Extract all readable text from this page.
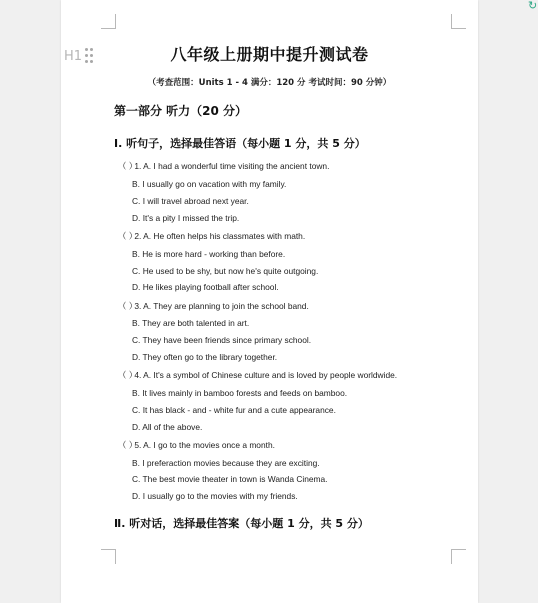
H1
↻
八年级上册期中提升测试卷
（考查范围：Units 1 - 4 满分：120 分 考试时间：90 分钟）
第一部分 听力（20 分）
Ⅰ. 听句子，选择最佳答语（每小题 1 分，共 5 分）
（ ） 1. A. I had a wonderful time visiting the ancient town.
B. I usually go on vacation with my family.
C. I will travel abroad next year.
D. It's a pity I missed the trip.
（ ） 2. A. He often helps his classmates with math.
B. He is more hard - working than before.
C. He used to be shy, but now he's quite outgoing.
D. He likes playing football after school.
（ ） 3. A. They are planning to join the school band.
B. They are both talented in art.
C. They have been friends since primary school.
D. They often go to the library together.
（ ） 4. A. It's a symbol of Chinese culture and is loved by people worldwide.
B. It lives mainly in bamboo forests and feeds on bamboo.
C. It has black - and - white fur and a cute appearance.
D. All of the above.
（ ） 5. A. I go to the movies once a month.
B. I preferaction movies because they are exciting.
C. The best movie theater in town is Wanda Cinema.
D. I usually go to the movies with my friends.
Ⅱ. 听对话，选择最佳答案（每小题 1 分，共 5 分）
